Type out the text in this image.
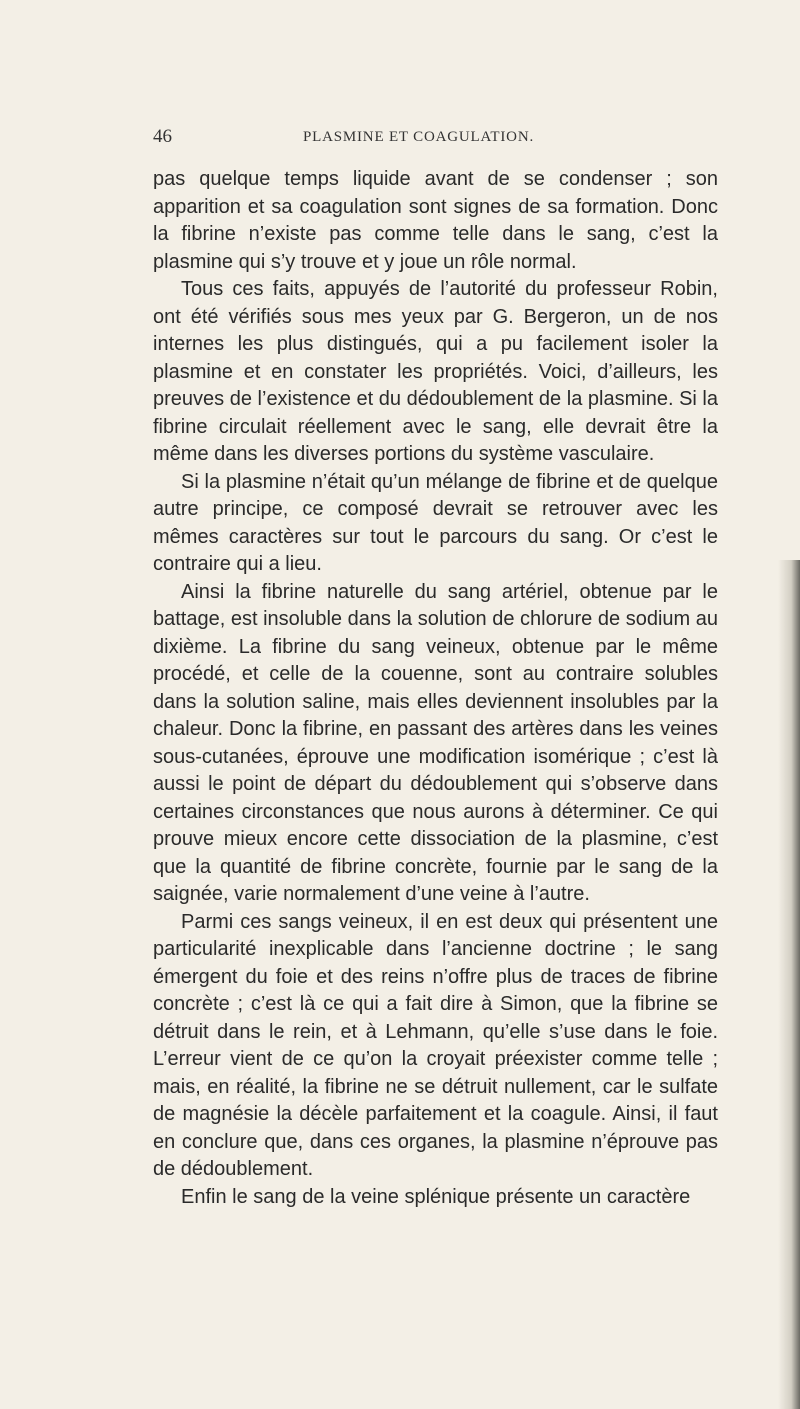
46	PLASMINE ET COAGULATION.

pas quelque temps liquide avant de se condenser ; son apparition et sa coagulation sont signes de sa formation. Donc la fibrine n’existe pas comme telle dans le sang, c’est la plasmine qui s’y trouve et y joue un rôle normal.

Tous ces faits, appuyés de l’autorité du professeur Robin, ont été vérifiés sous mes yeux par G. Bergeron, un de nos internes les plus distingués, qui a pu facilement isoler la plasmine et en constater les propriétés. Voici, d’ailleurs, les preuves de l’existence et du dédoublement de la plasmine. Si la fibrine circulait réellement avec le sang, elle devrait être la même dans les diverses portions du système vasculaire.

Si la plasmine n’était qu’un mélange de fibrine et de quelque autre principe, ce composé devrait se retrouver avec les mêmes caractères sur tout le parcours du sang. Or c’est le contraire qui a lieu.

Ainsi la fibrine naturelle du sang artériel, obtenue par le battage, est insoluble dans la solution de chlorure de sodium au dixième. La fibrine du sang veineux, obtenue par le même procédé, et celle de la couenne, sont au contraire solubles dans la solution saline, mais elles deviennent insolubles par la chaleur. Donc la fibrine, en passant des artères dans les veines sous-cutanées, éprouve une modification isomérique ; c’est là aussi le point de départ du dédoublement qui s’observe dans certaines circonstances que nous aurons à déterminer. Ce qui prouve mieux encore cette dissociation de la plasmine, c’est que la quantité de fibrine concrète, fournie par le sang de la saignée, varie normalement d’une veine à l’autre.

Parmi ces sangs veineux, il en est deux qui présentent une particularité inexplicable dans l’ancienne doctrine ; le sang émergent du foie et des reins n’offre plus de traces de fibrine concrète ; c’est là ce qui a fait dire à Simon, que la fibrine se détruit dans le rein, et à Lehmann, qu’elle s’use dans le foie. L’erreur vient de ce qu’on la croyait préexister comme telle ; mais, en réalité, la fibrine ne se détruit nullement, car le sulfate de magnésie la décèle parfaitement et la coagule. Ainsi, il faut en conclure que, dans ces organes, la plasmine n’éprouve pas de dédoublement.

Enfin le sang de la veine splénique présente un caractère
